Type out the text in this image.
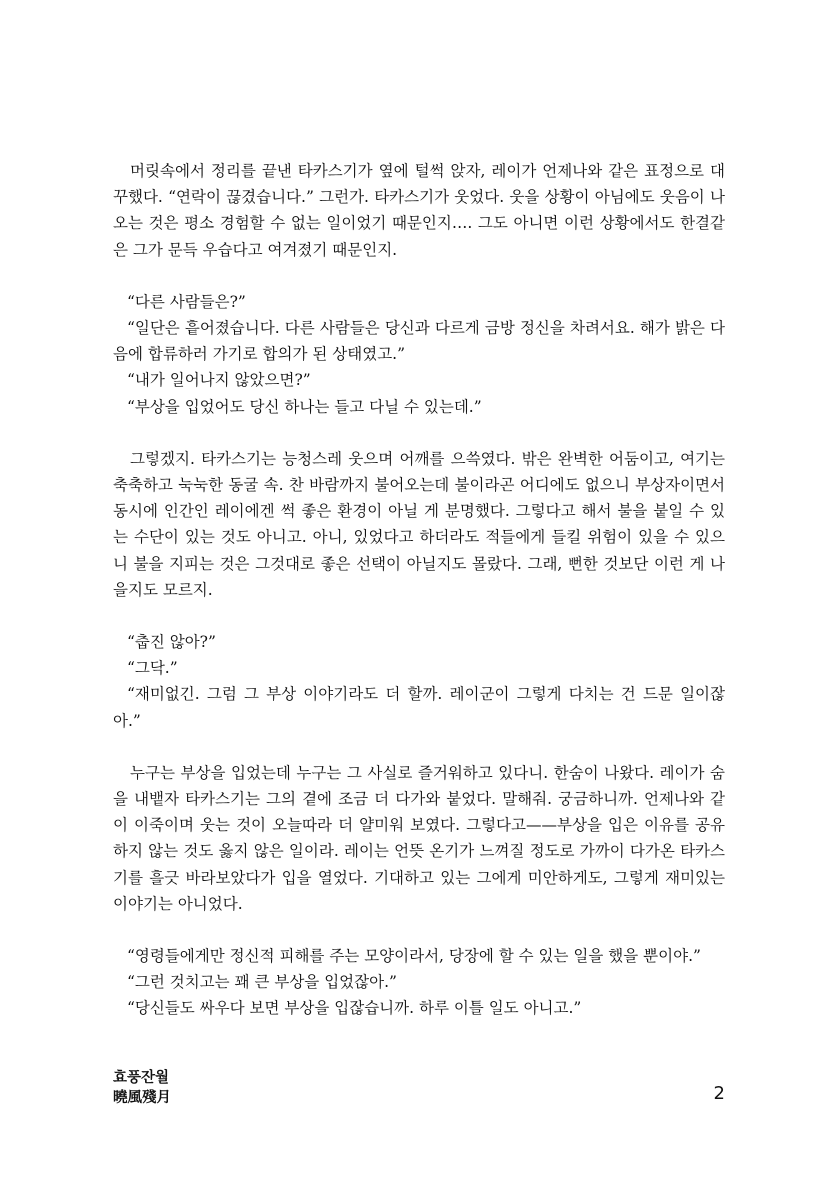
머릿속에서 정리를 끝낸 타카스기가 옆에 털썩 앉자, 레이가 언제나와 같은 표정으로 대꾸했다. “연락이 끊겼습니다.” 그런가. 타카스기가 웃었다. 웃을 상황이 아님에도 웃음이 나오는 것은 평소 경험할 수 없는 일이었기 때문인지…. 그도 아니면 이런 상황에서도 한결같은 그가 문득 우습다고 여겨졌기 때문인지.

“다른 사람들은?”

“일단은 흩어졌습니다. 다른 사람들은 당신과 다르게 금방 정신을 차려서요. 해가 밝은 다음에 합류하러 가기로 합의가 된 상태였고.”

“내가 일어나지 않았으면?”

“부상을 입었어도 당신 하나는 들고 다닐 수 있는데.”

그렇겠지. 타카스기는 능청스레 웃으며 어깨를 으쓱였다. 밖은 완벽한 어둠이고, 여기는 축축하고 눅눅한 동굴 속. 찬 바람까지 불어오는데 불이라곤 어디에도 없으니 부상자이면서 동시에 인간인 레이에겐 썩 좋은 환경이 아닐 게 분명했다. 그렇다고 해서 불을 붙일 수 있는 수단이 있는 것도 아니고. 아니, 있었다고 하더라도 적들에게 들킬 위험이 있을 수 있으니 불을 지피는 것은 그것대로 좋은 선택이 아닐지도 몰랐다. 그래, 뻔한 것보단 이런 게 나을지도 모르지.

“춥진 않아?”

“그닥.”

“재미없긴. 그럼 그 부상 이야기라도 더 할까. 레이군이 그렇게 다치는 건 드문 일이잖아.”

누구는 부상을 입었는데 누구는 그 사실로 즐거워하고 있다니. 한숨이 나왔다. 레이가 숨을 내뱉자 타카스기는 그의 곁에 조금 더 다가와 붙었다. 말해줘. 궁금하니까. 언제나와 같이 이죽이며 웃는 것이 오늘따라 더 얄미워 보였다. 그렇다고——부상을 입은 이유를 공유하지 않는 것도 옳지 않은 일이라. 레이는 언뜻 온기가 느껴질 정도로 가까이 다가온 타카스기를 흘긋 바라보았다가 입을 열었다. 기대하고 있는 그에게 미안하게도, 그렇게 재미있는 이야기는 아니었다.

“영령들에게만 정신적 피해를 주는 모양이라서, 당장에 할 수 있는 일을 했을 뿐이야.”

“그런 것치고는 꽤 큰 부상을 입었잖아.”

“당신들도 싸우다 보면 부상을 입잖습니까. 하루 이틀 일도 아니고.”

효풍잔월
曉風殘月	2
